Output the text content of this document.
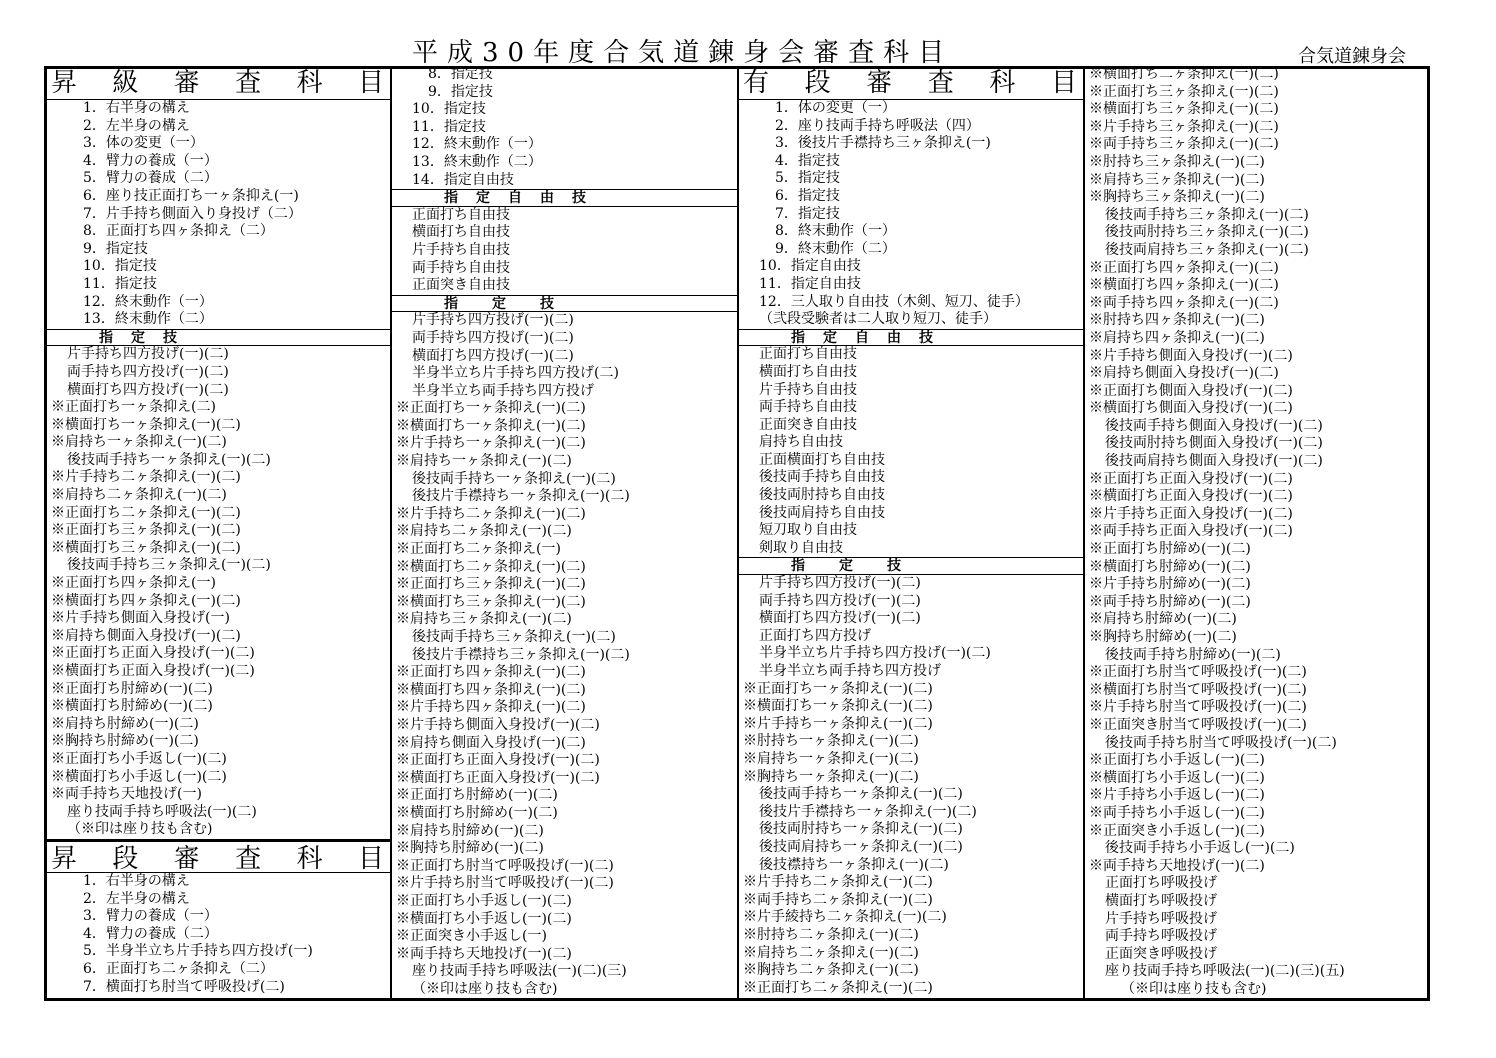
平成30年度合気道錬身会審査科目	合気道錬身会
昇 級 審 査 科 目
1．右半身の構え
2．左半身の構え
3．体の変更（一）
4．臂力の養成（一）
5．臂力の養成（二）
6．座り技正面打ち一ヶ条抑え(一)
7．片手持ち側面入り身投げ（二）
8．正面打ち四ヶ条抑え（二）
9．指定技
10．指定技
11．指定技
12．終末動作（一）
13．終末動作（二）
指　定　技
片手持ち四方投げ(一)(二)
両手持ち四方投げ(一)(二)
横面打ち四方投げ(一)(二)
※正面打ち一ヶ条抑え(二)
※横面打ち一ヶ条抑え(一)(二)
※肩持ち一ヶ条抑え(一)(二)
後技両手持ち一ヶ条抑え(一)(二)
※片手持ち二ヶ条抑え(一)(二)
※肩持ち二ヶ条抑え(一)(二)
※正面打ち二ヶ条抑え(一)(二)
※正面打ち三ヶ条抑え(一)(二)
※横面打ち三ヶ条抑え(一)(二)
後技両手持ち三ヶ条抑え(一)(二)
※正面打ち四ヶ条抑え(一)
※横面打ち四ヶ条抑え(一)(二)
※片手持ち側面入身投げ(一)
※肩持ち側面入身投げ(一)(二)
※正面打ち正面入身投げ(一)(二)
※横面打ち正面入身投げ(一)(二)
※正面打ち肘締め(一)(二)
※横面打ち肘締め(一)(二)
※肩持ち肘締め(一)(二)
※胸持ち肘締め(一)(二)
※正面打ち小手返し(一)(二)
※横面打ち小手返し(一)(二)
※両手持ち天地投げ(一)
座り技両手持ち呼吸法(一)(二)
（※印は座り技も含む)
昇 段 審 査 科 目
1．右半身の構え
2．左半身の構え
3．臂力の養成（一）
4．臂力の養成（二）
5．半身半立ち片手持ち四方投げ(一)
6．正面打ち二ヶ条抑え（二）
7．横面打ち肘当て呼吸投げ(二)
8．指定技
9．指定技
10．指定技
11．指定技
12．終末動作（一）
13．終末動作（二）
14．指定自由技
指　定　自　由　技
正面打ち自由技
横面打ち自由技
片手持ち自由技
両手持ち自由技
正面突き自由技
指　　定　　技
片手持ち四方投げ(一)(二)
両手持ち四方投げ(一)(二)
横面打ち四方投げ(一)(二)
半身半立ち片手持ち四方投げ(二)
半身半立ち両手持ち四方投げ
※正面打ち一ヶ条抑え(一)(二)
※横面打ち一ヶ条抑え(一)(二)
※片手持ち一ヶ条抑え(一)(二)
※肩持ち一ヶ条抑え(一)(二)
後技両手持ち一ヶ条抑え(一)(二)
後技片手襟持ち一ヶ条抑え(一)(二)
※片手持ち二ヶ条抑え(一)(二)
※肩持ち二ヶ条抑え(一)(二)
※正面打ち二ヶ条抑え(一)
※横面打ち二ヶ条抑え(一)(二)
※正面打ち三ヶ条抑え(一)(二)
※横面打ち三ヶ条抑え(一)(二)
※肩持ち三ヶ条抑え(一)(二)
後技両手持ち三ヶ条抑え(一)(二)
後技片手襟持ち三ヶ条抑え(一)(二)
※正面打ち四ヶ条抑え(一)(二)
※横面打ち四ヶ条抑え(一)(二)
※片手持ち四ヶ条抑え(一)(二)
※片手持ち側面入身投げ(一)(二)
※肩持ち側面入身投げ(一)(二)
※正面打ち正面入身投げ(一)(二)
※横面打ち正面入身投げ(一)(二)
※正面打ち肘締め(一)(二)
※横面打ち肘締め(一)(二)
※肩持ち肘締め(一)(二)
※胸持ち肘締め(一)(二)
※正面打ち肘当て呼吸投げ(一)(二)
※片手持ち肘当て呼吸投げ(一)(二)
※正面打ち小手返し(一)(二)
※横面打ち小手返し(一)(二)
※正面突き小手返し(一)
※両手持ち天地投げ(一)(二)
座り技両手持ち呼吸法(一)(二)(三)
（※印は座り技も含む)
有 段 審 査 科 目
1．体の変更（一）
2．座り技両手持ち呼吸法（四）
3．後技片手襟持ち三ヶ条抑え(一)
4．指定技
5．指定技
6．指定技
7．指定技
8．終末動作（一）
9．終末動作（二）
10．指定自由技
11．指定自由技
12．三人取り自由技（木剣、短刀、徒手）
（弐段受験者は二人取り短刀、徒手）
指　定　自　由　技
正面打ち自由技
横面打ち自由技
片手持ち自由技
両手持ち自由技
正面突き自由技
肩持ち自由技
正面横面打ち自由技
後技両手持ち自由技
後技両肘持ち自由技
後技両肩持ち自由技
短刀取り自由技
剣取り自由技
指　　定　　技
片手持ち四方投げ(一)(二)
両手持ち四方投げ(一)(二)
横面打ち四方投げ(一)(二)
正面打ち四方投げ
半身半立ち片手持ち四方投げ(一)(二)
半身半立ち両手持ち四方投げ
※正面打ち一ヶ条抑え(一)(二)
※横面打ち一ヶ条抑え(一)(二)
※片手持ち一ヶ条抑え(一)(二)
※肘持ち一ヶ条抑え(一)(二)
※肩持ち一ヶ条抑え(一)(二)
※胸持ち一ヶ条抑え(一)(二)
後技両手持ち一ヶ条抑え(一)(二)
後技片手襟持ち一ヶ条抑え(一)(二)
後技両肘持ち一ヶ条抑え(一)(二)
後技両肩持ち一ヶ条抑え(一)(二)
後技襟持ち一ヶ条抑え(一)(二)
※片手持ち二ヶ条抑え(一)(二)
※両手持ち二ヶ条抑え(一)(二)
※片手綾持ち二ヶ条抑え(一)(二)
※肘持ち二ヶ条抑え(一)(二)
※肩持ち二ヶ条抑え(一)(二)
※胸持ち二ヶ条抑え(一)(二)
※正面打ち二ヶ条抑え(一)(二)
※横面打ち二ヶ条抑え(一)(二)
※正面打ち三ヶ条抑え(一)(二)
※横面打ち三ヶ条抑え(一)(二)
※片手持ち三ヶ条抑え(一)(二)
※両手持ち三ヶ条抑え(一)(二)
※肘持ち三ヶ条抑え(一)(二)
※肩持ち三ヶ条抑え(一)(二)
※胸持ち三ヶ条抑え(一)(二)
後技両手持ち三ヶ条抑え(一)(二)
後技両肘持ち三ヶ条抑え(一)(二)
後技両肩持ち三ヶ条抑え(一)(二)
※正面打ち四ヶ条抑え(一)(二)
※横面打ち四ヶ条抑え(一)(二)
※両手持ち四ヶ条抑え(一)(二)
※肘持ち四ヶ条抑え(一)(二)
※肩持ち四ヶ条抑え(一)(二)
※片手持ち側面入身投げ(一)(二)
※肩持ち側面入身投げ(一)(二)
※正面打ち側面入身投げ(一)(二)
※横面打ち側面入身投げ(一)(二)
後技両手持ち側面入身投げ(一)(二)
後技両肘持ち側面入身投げ(一)(二)
後技両肩持ち側面入身投げ(一)(二)
※正面打ち正面入身投げ(一)(二)
※横面打ち正面入身投げ(一)(二)
※片手持ち正面入身投げ(一)(二)
※両手持ち正面入身投げ(一)(二)
※正面打ち肘締め(一)(二)
※横面打ち肘締め(一)(二)
※片手持ち肘締め(一)(二)
※両手持ち肘締め(一)(二)
※肩持ち肘締め(一)(二)
※胸持ち肘締め(一)(二)
後技両手持ち肘締め(一)(二)
※正面打ち肘当て呼吸投げ(一)(二)
※横面打ち肘当て呼吸投げ(一)(二)
※片手持ち肘当て呼吸投げ(一)(二)
※正面突き肘当て呼吸投げ(一)(二)
後技両手持ち肘当て呼吸投げ(一)(二)
※正面打ち小手返し(一)(二)
※横面打ち小手返し(一)(二)
※片手持ち小手返し(一)(二)
※両手持ち小手返し(一)(二)
※正面突き小手返し(一)(二)
後技両手持ち小手返し(一)(二)
※両手持ち天地投げ(一)(二)
正面打ち呼吸投げ
横面打ち呼吸投げ
片手持ち呼吸投げ
両手持ち呼吸投げ
正面突き呼吸投げ
座り技両手持ち呼吸法(一)(二)(三)(五)
（※印は座り技も含む)
